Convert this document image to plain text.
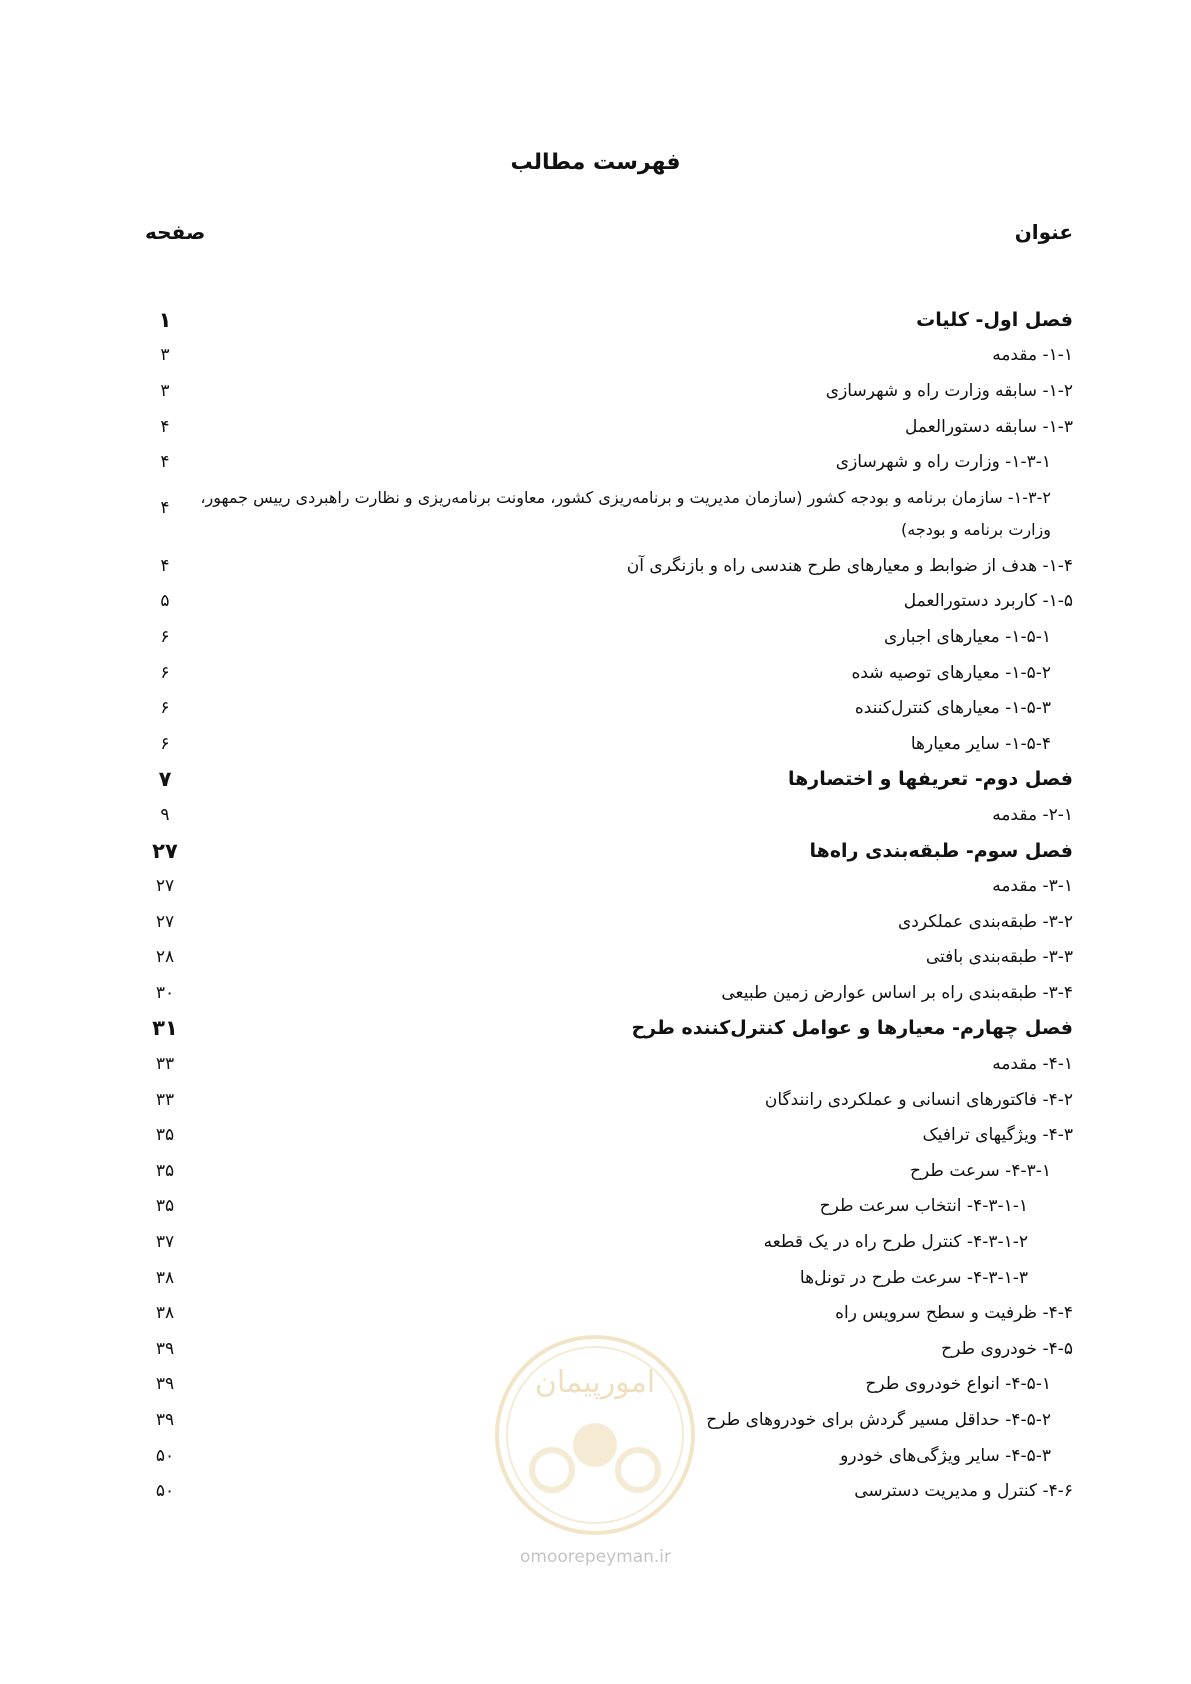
فهرست مطالب
صفحه	عنوان
فصل اول- کلیات
۱
۱-۱- مقدمه
۳
۱-۲- سابقه وزارت راه و شهرسازی
۳
۱-۳- سابقه دستورالعمل
۴
۱-۳-۱- وزارت راه و شهرسازی
۴
۱-۳-۲- سازمان برنامه و بودجه کشور (سازمان مدیریت و برنامه‌ریزی کشور، معاونت برنامه‌ریزی و نظارت راهبردی رییس جمهور، وزارت برنامه و بودجه)
۴
۱-۴- هدف از ضوابط و معیارهای طرح هندسی راه و بازنگری آن
۴
۱-۵- کاربرد دستورالعمل
۵
۱-۵-۱- معیارهای اجباری
۶
۱-۵-۲- معیارهای توصیه شده
۶
۱-۵-۳- معیارهای کنترل‌کننده
۶
۱-۵-۴- سایر معیارها
۶
فصل دوم- تعریفها و اختصارها
۷
۲-۱- مقدمه
۹
فصل سوم- طبقه‌بندی راه‌ها
۲۷
۳-۱- مقدمه
۲۷
۳-۲- طبقه‌بندی عملکردی
۲۷
۳-۳- طبقه‌بندی بافتی
۲۸
۳-۴- طبقه‌بندی راه بر اساس عوارض زمین طبیعی
۳۰
فصل چهارم- معیارها و عوامل کنترل‌کننده طرح
۳۱
۴-۱- مقدمه
۳۳
۴-۲- فاکتورهای انسانی و عملکردی رانندگان
۳۳
۴-۳- ویژگیهای ترافیک
۳۵
۴-۳-۱- سرعت طرح
۳۵
۴-۳-۱-۱- انتخاب سرعت طرح
۳۵
۴-۳-۱-۲- کنترل طرح راه در یک قطعه
۳۷
۴-۳-۱-۳- سرعت طرح در تونل‌ها
۳۸
۴-۴- ظرفیت و سطح سرویس راه
۳۸
۴-۵- خودروی طرح
۳۹
۴-۵-۱- انواع خودروی طرح
۳۹
۴-۵-۲- حداقل مسیر گردش برای خودروهای طرح
۳۹
۴-۵-۳- سایر ویژگی‌های خودرو
۵۰
۴-۶- کنترل و مدیریت دسترسی
۵۰
امورپیمان
omoorepeyman.ir
